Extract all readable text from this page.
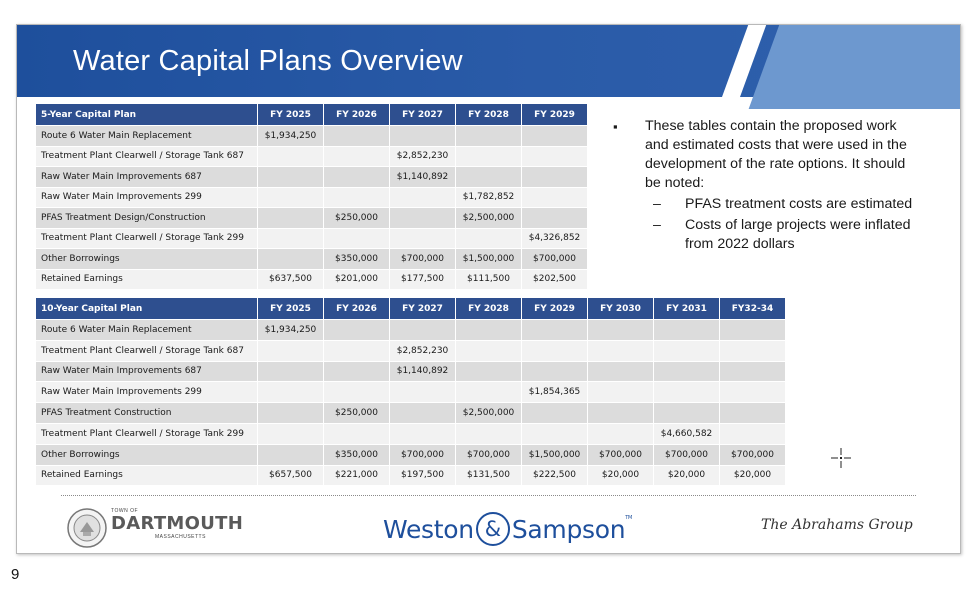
Water Capital Plans Overview
5-Year Capital Plan	FY 2025	FY 2026	FY 2027	FY 2028	FY 2029
Route 6 Water Main Replacement	$1,934,250				
Treatment Plant Clearwell / Storage Tank 687			$2,852,230		
Raw Water Main Improvements 687			$1,140,892		
Raw Water Main Improvements 299				$1,782,852	
PFAS Treatment Design/Construction		$250,000		$2,500,000	
Treatment Plant Clearwell / Storage Tank 299					$4,326,852
Other Borrowings		$350,000	$700,000	$1,500,000	$700,000
Retained Earnings	$637,500	$201,000	$177,500	$111,500	$202,500
10-Year Capital Plan	FY 2025	FY 2026	FY 2027	FY 2028	FY 2029	FY 2030	FY 2031	FY32-34
Route 6 Water Main Replacement	$1,934,250							
Treatment Plant Clearwell / Storage Tank 687			$2,852,230					
Raw Water Main Improvements 687			$1,140,892					
Raw Water Main Improvements 299					$1,854,365			
PFAS Treatment Construction		$250,000		$2,500,000				
Treatment Plant Clearwell / Storage Tank 299							$4,660,582	
Other Borrowings		$350,000	$700,000	$700,000	$1,500,000	$700,000	$700,000	$700,000
Retained Earnings	$657,500	$221,000	$197,500	$131,500	$222,500	$20,000	$20,000	$20,000
▪ These tables contain the proposed work and estimated costs that were used in the development of the rate options. It should be noted:
– PFAS treatment costs are estimated
– Costs of large projects were inflated from 2022 dollars
TOWN OF
DARTMOUTH
MASSACHUSETTS	Weston & Sampson TM	The Abrahams Group
9
